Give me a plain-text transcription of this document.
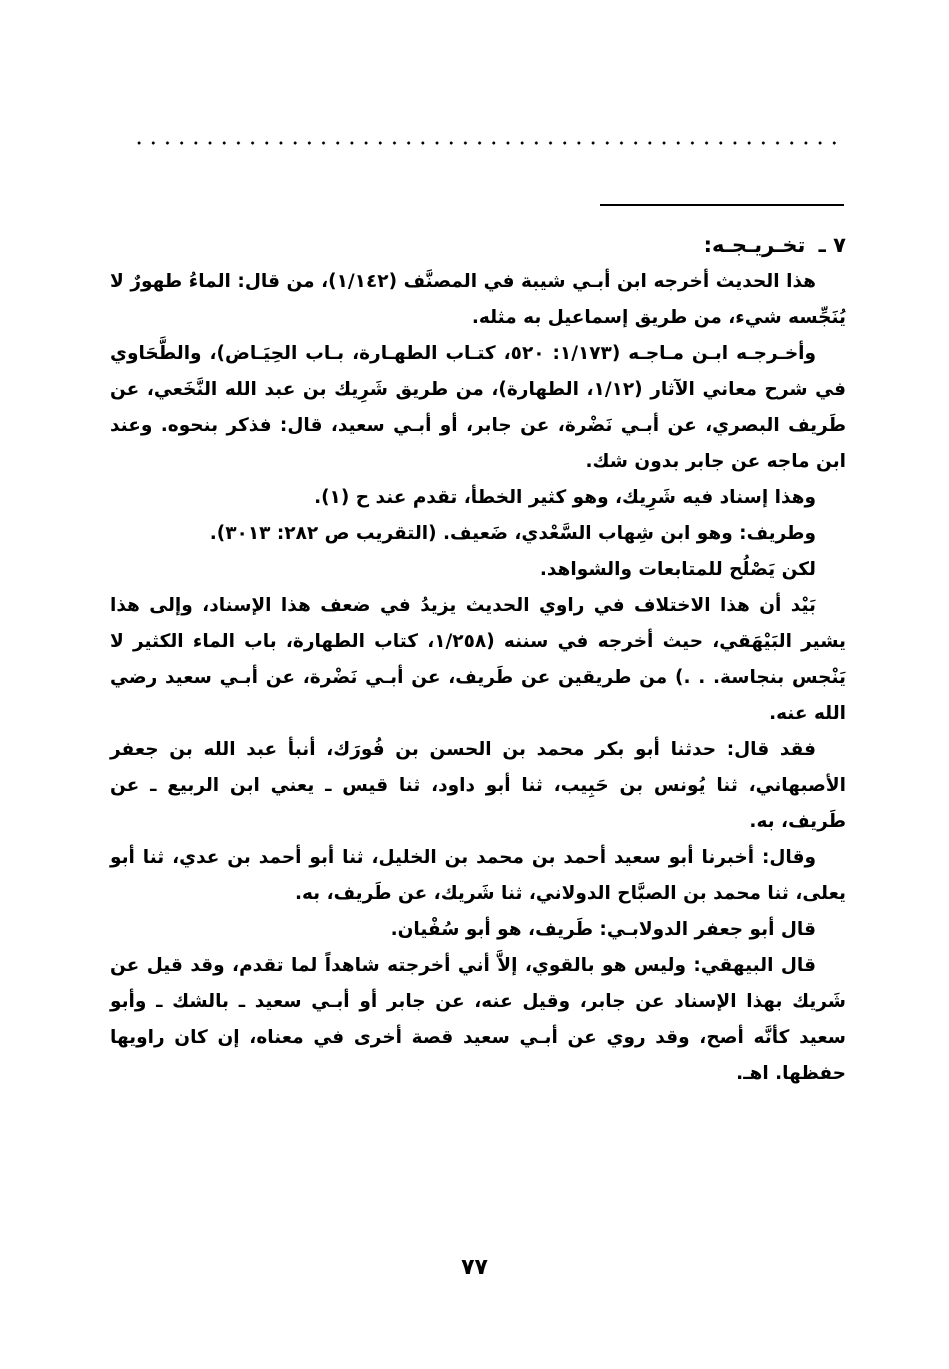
٧ ـ تخـريـجـه:

هذا الحديث أخرجه ابن أبـي شيبة في المصنَّف (١/١٤٢)، من قال: الماءُ طهورٌ لا يُنَجِّسه شيء، من طريق إسماعيل به مثله.

وأخـرجـه ابـن مـاجـه (١/١٧٣: ٥٢٠، كتـاب الطهـارة، بـاب الحِيَـاض)، والطَّحَاوي في شرح معاني الآثار (١/١٢، الطهارة)، من طريق شَرِيك بن عبد الله النَّخَعي، عن طَريف البصري، عن أبـي نَضْرة، عن جابر، أو أبـي سعيد، قال: فذكر بنحوه. وعند ابن ماجه عن جابر بدون شك.

وهذا إسناد فيه شَرِيك، وهو كثير الخطأ، تقدم عند ح (١).

وطريف: وهو ابن شِهاب السَّعْدي، ضَعيف. (التقريب ص ٢٨٢: ٣٠١٣).

لكن يَصْلُح للمتابعات والشواهد.

بَيْد أن هذا الاختلاف في راوي الحديث يزيدُ في ضعف هذا الإسناد، وإلى هذا يشير البَيْهَقي، حيث أخرجه في سننه (١/٢٥٨، كتاب الطهارة، باب الماء الكثير لا يَنْجس بنجاسة. . .) من طريقين عن طَريف، عن أبـي نَضْرة، عن أبـي سعيد رضي الله عنه.

فقد قال: حدثنا أبو بكر محمد بن الحسن بن فُورَك، أنبأ عبد الله بن جعفر الأصبهاني، ثنا يُونس بن حَبِيب، ثنا أبو داود، ثنا قيس ـ يعني ابن الربيع ـ عن طَريف، به.

وقال: أخبرنا أبو سعيد أحمد بن محمد بن الخليل، ثنا أبو أحمد بن عدي، ثنا أبو يعلى، ثنا محمد بن الصبَّاح الدولاني، ثنا شَريك، عن طَريف، به.

قال أبو جعفر الدولابـي: طَريف، هو أبو سُفْيان.

قال البيهقي: وليس هو بالقوي، إلاَّ أني أخرجته شاهداً لما تقدم، وقد قيل عن شَريك بهذا الإسناد عن جابر، وقيل عنه، عن جابر أو أبـي سعيد ـ بالشك ـ وأبو سعيد كأنَّه أصح، وقد روي عن أبـي سعيد قصة أخرى في معناه، إن كان راويها حفظها. اهـ.

٧٧
